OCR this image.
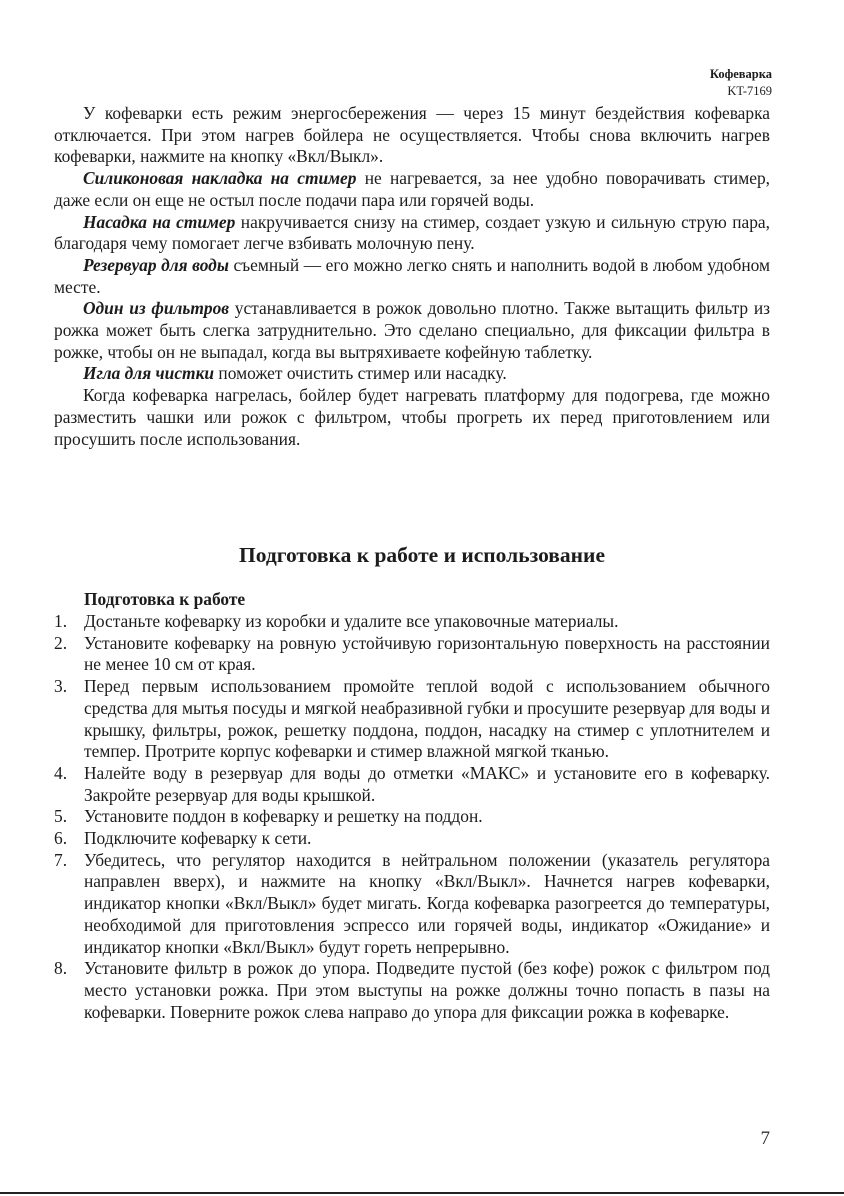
Кофеварка
KT-7169

У кофеварки есть режим энергосбережения — через 15 минут бездействия кофеварка отключается. При этом нагрев бойлера не осуществляется. Чтобы снова включить нагрев кофеварки, нажмите на кнопку «Вкл/Выкл».

Силиконовая накладка на стимер не нагревается, за нее удобно поворачивать стимер, даже если он еще не остыл после подачи пара или горячей воды.

Насадка на стимер накручивается снизу на стимер, создает узкую и сильную струю пара, благодаря чему помогает легче взбивать молочную пену.

Резервуар для воды съемный — его можно легко снять и наполнить водой в любом удобном месте.

Один из фильтров устанавливается в рожок довольно плотно. Также вытащить фильтр из рожка может быть слегка затруднительно. Это сделано специально, для фиксации фильтра в рожке, чтобы он не выпадал, когда вы вытряхиваете кофейную таблетку.

Игла для чистки поможет очистить стимер или насадку.

Когда кофеварка нагрелась, бойлер будет нагревать платформу для подогрева, где можно разместить чашки или рожок с фильтром, чтобы прогреть их перед приготовлением или просушить после использования.

Подготовка к работе и использование
Подготовка к работе
1. Достаньте кофеварку из коробки и удалите все упаковочные материалы.
2. Установите кофеварку на ровную устойчивую горизонтальную поверхность на расстоянии не менее 10 см от края.
3. Перед первым использованием промойте теплой водой с использованием обычного средства для мытья посуды и мягкой неабразивной губки и просушите резервуар для воды и крышку, фильтры, рожок, решетку поддона, поддон, насадку на стимер с уплотнителем и темпер. Протрите корпус кофеварки и стимер влажной мягкой тканью.
4. Налейте воду в резервуар для воды до отметки «МАКС» и установите его в кофеварку. Закройте резервуар для воды крышкой.
5. Установите поддон в кофеварку и решетку на поддон.
6. Подключите кофеварку к сети.
7. Убедитесь, что регулятор находится в нейтральном положении (указатель регулятора направлен вверх), и нажмите на кнопку «Вкл/Выкл». Начнется нагрев кофеварки, индикатор кнопки «Вкл/Выкл» будет мигать. Когда кофеварка разогреется до температуры, необходимой для приготовления эспрессо или горячей воды, индикатор «Ожидание» и индикатор кнопки «Вкл/Выкл» будут гореть непрерывно.
8. Установите фильтр в рожок до упора. Подведите пустой (без кофе) рожок с фильтром под место установки рожка. При этом выступы на рожке должны точно попасть в пазы на кофеварки. Поверните рожок слева направо до упора для фиксации рожка в кофеварке.
7
